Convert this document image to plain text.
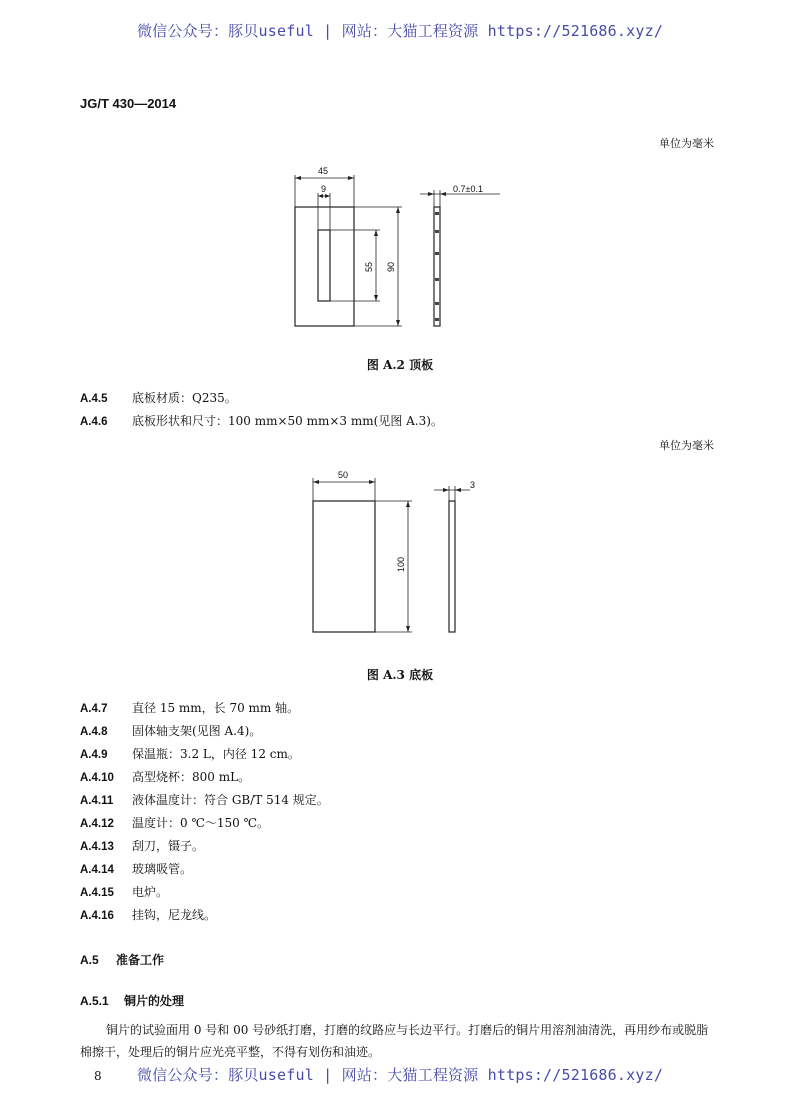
微信公众号：豚贝useful | 网站：大猫工程资源 https://521686.xyz/
微信公众号：豚贝useful | 网站：大猫工程资源 https://521686.xyz/
JG/T 430—2014
单位为毫米
45
9
55 90
0.7±0.1
图 A.2 顶板
A.4.5 底板材质：Q235。
A.4.6 底板形状和尺寸：100 mm×50 mm×3 mm(见图 A.3)。
单位为毫米
50
100
3
图 A.3 底板
A.4.7 直径 15 mm，长 70 mm 轴。
A.4.8 固体轴支架(见图 A.4)。
A.4.9 保温瓶：3.2 L，内径 12 cm。
A.4.10 高型烧杯：800 mL。
A.4.11 液体温度计：符合 GB/T 514 规定。
A.4.12 温度计：0 ℃～150 ℃。
A.4.13 刮刀，镊子。
A.4.14 玻璃吸管。
A.4.15 电炉。
A.4.16 挂钩，尼龙线。
A.5 准备工作
A.5.1 铜片的处理
铜片的试验面用 0 号和 00 号砂纸打磨，打磨的纹路应与长边平行。打磨后的铜片用溶剂油清洗，再用纱布或脱脂棉擦干，处理后的铜片应光亮平整，不得有划伤和油迹。
8
